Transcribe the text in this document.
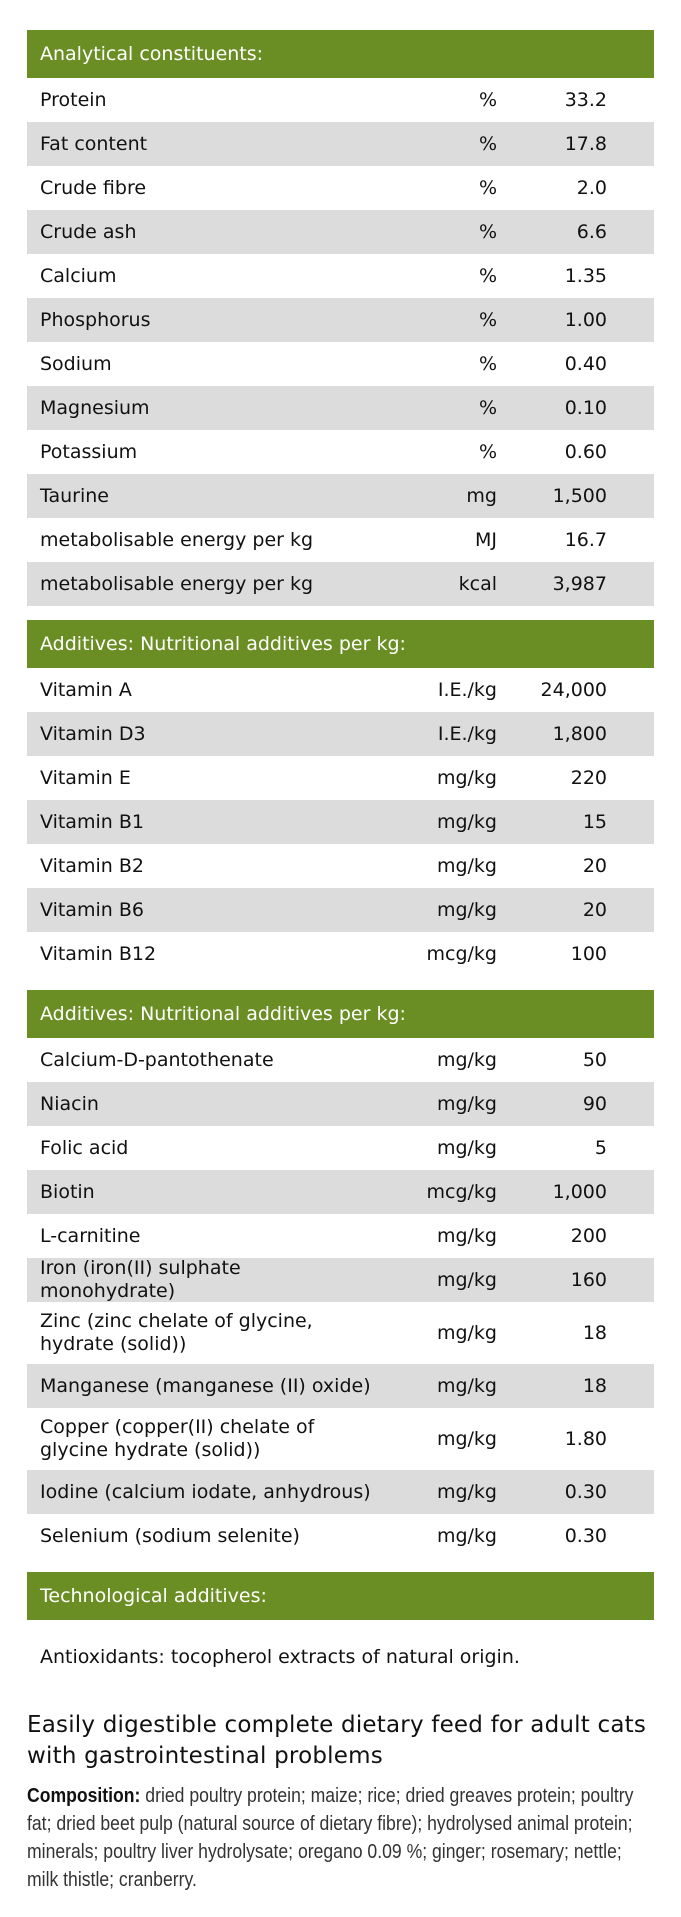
Analytical constituents:
Protein	%	33.2
Fat content	%	17.8
Crude fibre	%	2.0
Crude ash	%	6.6
Calcium	%	1.35
Phosphorus	%	1.00
Sodium	%	0.40
Magnesium	%	0.10
Potassium	%	0.60
Taurine	mg	1,500
metabolisable energy per kg	MJ	16.7
metabolisable energy per kg	kcal	3,987
Additives: Nutritional additives per kg:
Vitamin A	I.E./kg	24,000
Vitamin D3	I.E./kg	1,800
Vitamin E	mg/kg	220
Vitamin B1	mg/kg	15
Vitamin B2	mg/kg	20
Vitamin B6	mg/kg	20
Vitamin B12	mcg/kg	100
Additives: Nutritional additives per kg:
Calcium-D-pantothenate	mg/kg	50
Niacin	mg/kg	90
Folic acid	mg/kg	5
Biotin	mcg/kg	1,000
L-carnitine	mg/kg	200
Iron (iron(II) sulphate monohydrate)	mg/kg	160
Zinc (zinc chelate of glycine, hydrate (solid))	mg/kg	18
Manganese (manganese (II) oxide)	mg/kg	18
Copper (copper(II) chelate of glycine hydrate (solid))	mg/kg	1.80
Iodine (calcium iodate, anhydrous)	mg/kg	0.30
Selenium (sodium selenite)	mg/kg	0.30
Technological additives:
Antioxidants: tocopherol extracts of natural origin.
Easily digestible complete dietary feed for adult cats with gastrointestinal problems
Composition: dried poultry protein; maize; rice; dried greaves protein; poultry fat; dried beet pulp (natural source of dietary fibre); hydrolysed animal protein; minerals; poultry liver hydrolysate; oregano 0.09 %; ginger; rosemary; nettle; milk thistle; cranberry.
